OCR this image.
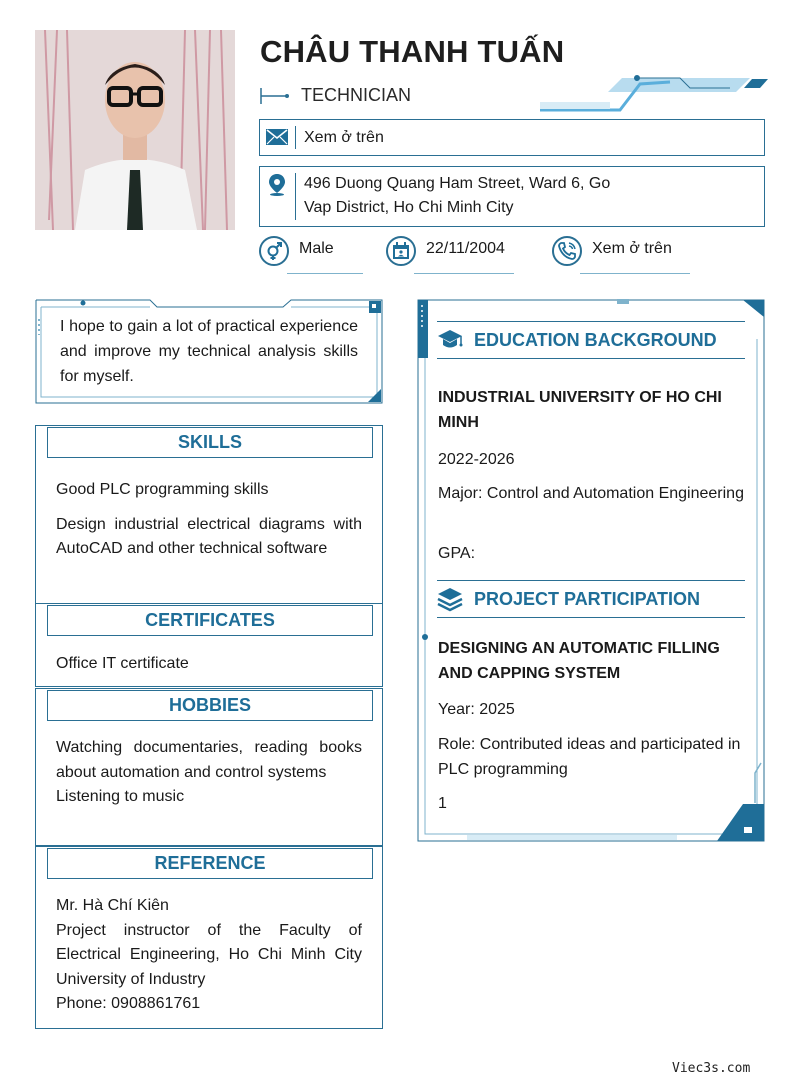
CHÂU THANH TUẤN
TECHNICIAN
Xem ở trên
496 Duong Quang Ham Street, Ward 6, Go
Vap District, Ho Chi Minh City
Male	22/11/2004	Xem ở trên
I hope to gain a lot of practical experience and improve my technical analysis skills for myself.
SKILLS
Good PLC programming skills
Design industrial electrical diagrams with AutoCAD and other technical software
CERTIFICATES
Office IT certificate
HOBBIES
Watching documentaries, reading books about automation and control systems
Listening to music
REFERENCE
Mr. Hà Chí Kiên
Project instructor of the Faculty of Electrical Engineering, Ho Chi Minh City University of Industry
Phone: 0908861761
EDUCATION BACKGROUND
INDUSTRIAL UNIVERSITY OF HO CHI MINH
2022-2026
Major: Control and Automation Engineering
GPA:
PROJECT PARTICIPATION
DESIGNING AN AUTOMATIC FILLING AND CAPPING SYSTEM
Year: 2025
Role: Contributed ideas and participated in PLC programming
1
Viec3s.com
